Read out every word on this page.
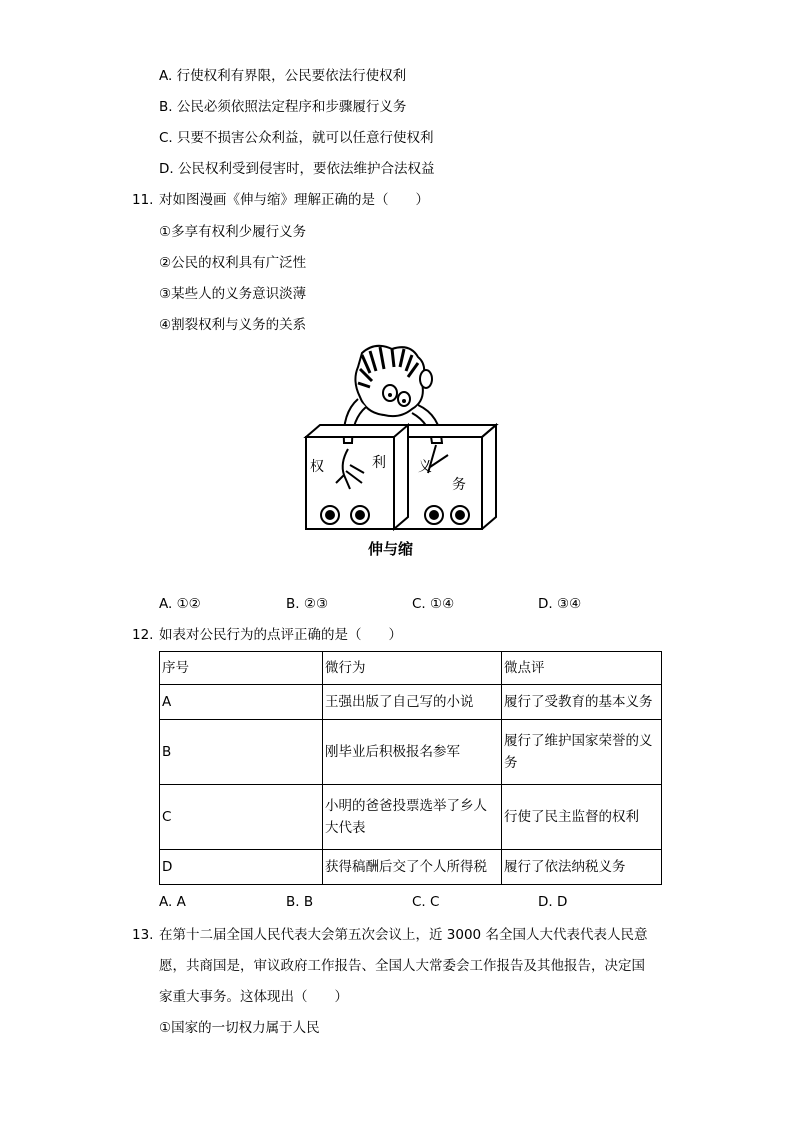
A. 行使权利有界限，公民要依法行使权利
B. 公民必须依照法定程序和步骤履行义务
C. 只要不损害公众利益，就可以任意行使权利
D. 公民权利受到侵害时，要依法维护合法权益
11. 对如图漫画《伸与缩》理解正确的是（　　）
①多享有权利少履行义务
②公民的权利具有广泛性
③某些人的义务意识淡薄
④割裂权利与义务的关系
权	利 义
务
伸与缩
A. ①②	B. ②③	C. ①④	D. ③④
12. 如表对公民行为的点评正确的是（　　）
序号	微行为	微点评
A	王强出版了自己写的小说	履行了受教育的基本义务
B	刚毕业后积极报名参军	履行了维护国家荣誉的义务
C	小明的爸爸投票选举了乡人大代表	行使了民主监督的权利
D	获得稿酬后交了个人所得税	履行了依法纳税义务
A. A	B. B	C. C	D. D
13. 在第十二届全国人民代表大会第五次会议上，近 3000 名全国人大代表代表人民意
愿，共商国是，审议政府工作报告、全国人大常委会工作报告及其他报告，决定国
家重大事务。这体现出（　　）
①国家的一切权力属于人民
